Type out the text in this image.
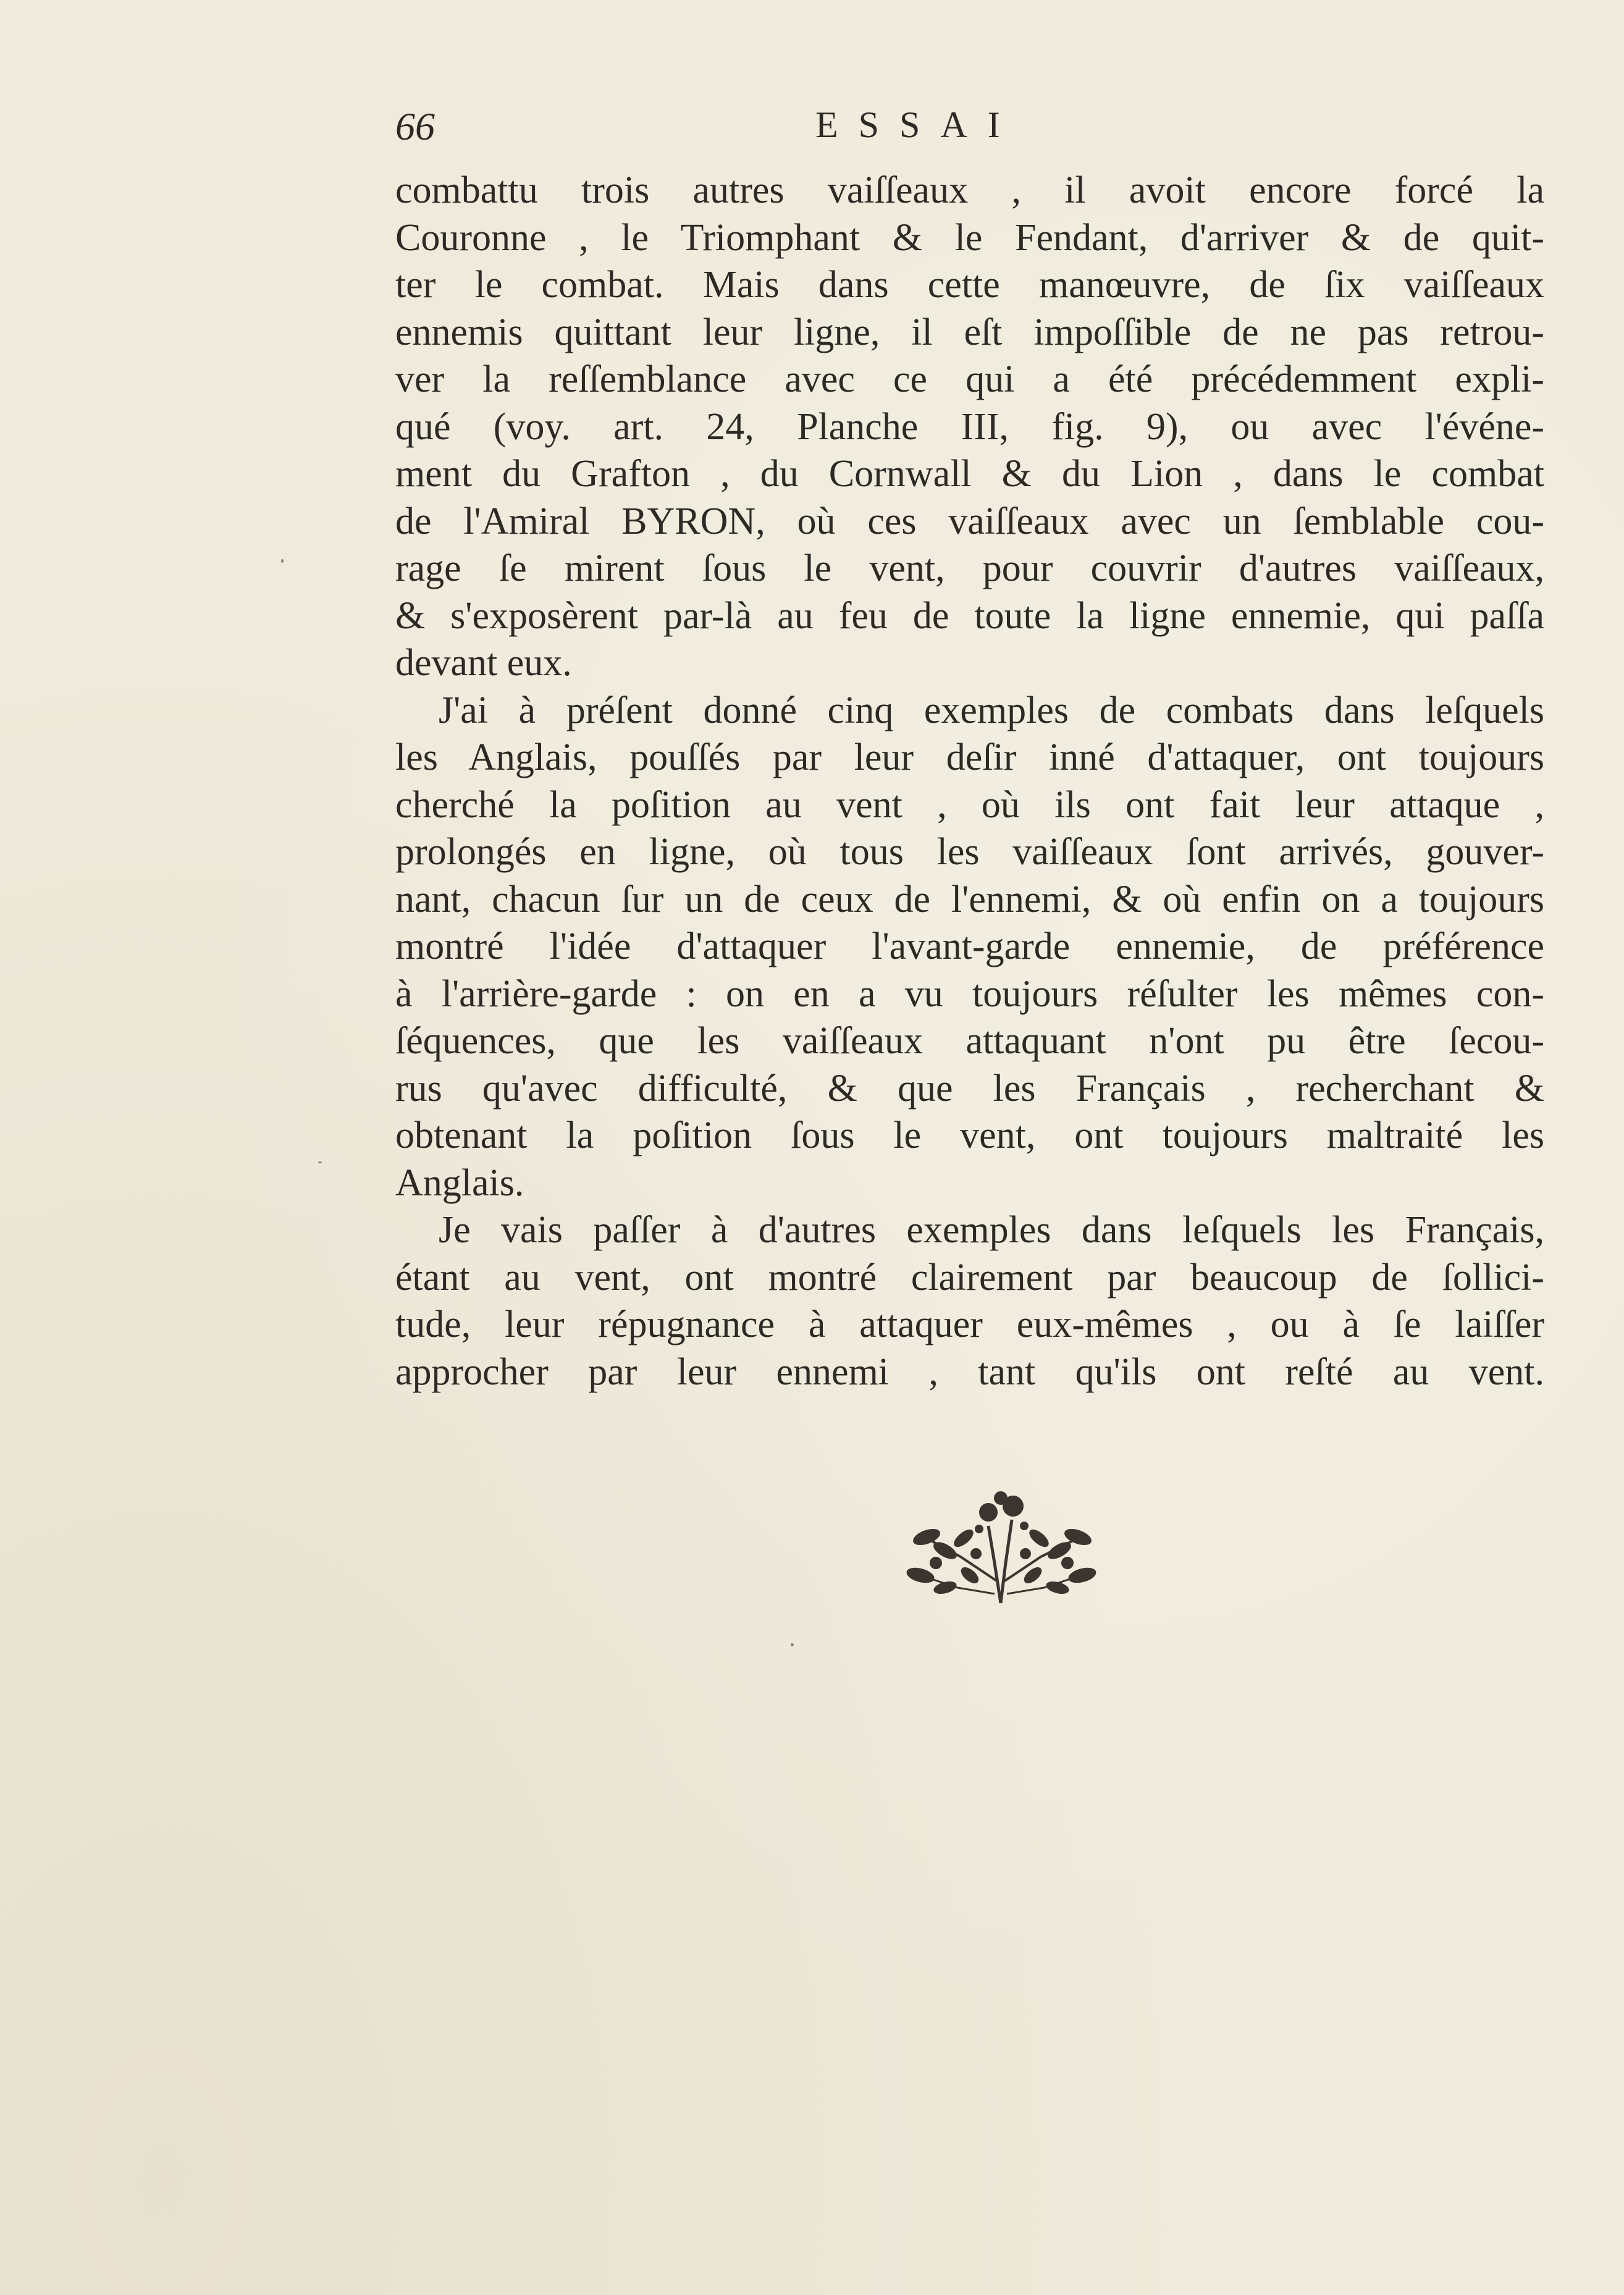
66	ESSAI
combattu trois autres vaiſſeaux , il avoit encore forcé la
Couronne , le Triomphant & le Fendant, d'arriver & de quit-
ter le combat. Mais dans cette manœuvre, de ſix vaiſſeaux
ennemis quittant leur ligne, il eſt impoſſible de ne pas retrou-
ver la reſſemblance avec ce qui a été précédemment expli-
qué (voy. art. 24, Planche III, fig. 9), ou avec l'événe-
ment du Grafton , du Cornwall & du Lion , dans le combat
de l'Amiral BYRON, où ces vaiſſeaux avec un ſemblable cou-
rage ſe mirent ſous le vent, pour couvrir d'autres vaiſſeaux,
& s'exposèrent par-là au feu de toute la ligne ennemie, qui paſſa
devant eux.
J'ai à préſent donné cinq exemples de combats dans leſquels
les Anglais, pouſſés par leur deſir inné d'attaquer, ont toujours
cherché la poſition au vent , où ils ont fait leur attaque ,
prolongés en ligne, où tous les vaiſſeaux ſont arrivés, gouver-
nant, chacun ſur un de ceux de l'ennemi, & où enfin on a toujours
montré l'idée d'attaquer l'avant-garde ennemie, de préférence
à l'arrière-garde : on en a vu toujours réſulter les mêmes con-
ſéquences, que les vaiſſeaux attaquant n'ont pu être ſecou-
rus qu'avec difficulté, & que les Français , recherchant &
obtenant la poſition ſous le vent, ont toujours maltraité les
Anglais.
Je vais paſſer à d'autres exemples dans leſquels les Français,
étant au vent, ont montré clairement par beaucoup de ſollici-
tude, leur répugnance à attaquer eux-mêmes , ou à ſe laiſſer
approcher par leur ennemi , tant qu'ils ont reſté au vent.
